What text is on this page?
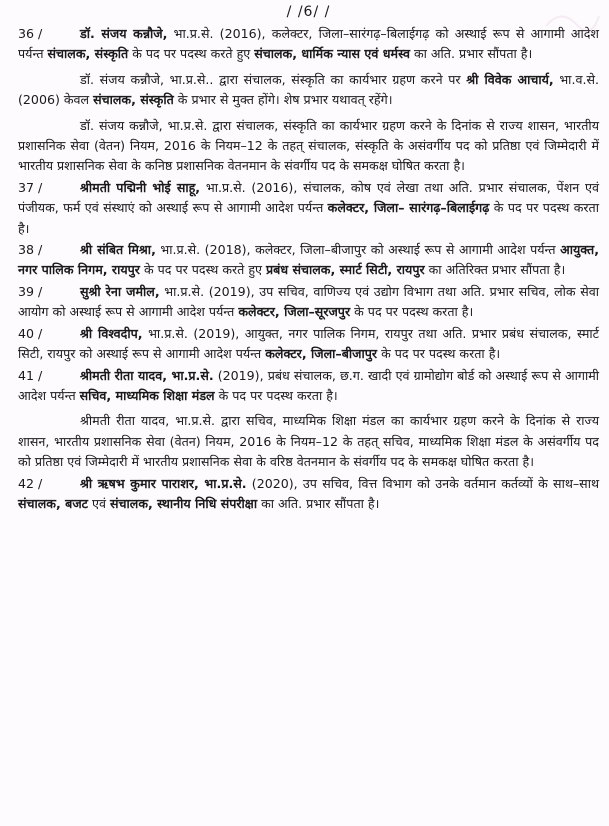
/ /6/ /

36 /	डॉ. संजय कन्नौजे, भा.प्र.से. (2016), कलेक्टर, जिला–सारंगढ़–बिलाईगढ़ को अस्थाई रूप से आगामी आदेश पर्यन्त संचालक, संस्कृति के पद पर पदस्थ करते हुए संचालक, धार्मिक न्यास एवं धर्मस्व का अति. प्रभार सौंपता है।

डॉ. संजय कन्नौजे, भा.प्र.से.. द्वारा संचालक, संस्कृति का कार्यभार ग्रहण करने पर श्री विवेक आचार्य, भा.व.से. (2006) केवल संचालक, संस्कृति के प्रभार से मुक्त होंगे। शेष प्रभार यथावत् रहेंगे।

डॉ. संजय कन्नौजे, भा.प्र.से. द्वारा संचालक, संस्कृति का कार्यभार ग्रहण करने के दिनांक से राज्य शासन, भारतीय प्रशासनिक सेवा (वेतन) नियम, 2016 के नियम–12 के तहत् संचालक, संस्कृति के असंवर्गीय पद को प्रतिष्ठा एवं जिम्मेदारी में भारतीय प्रशासनिक सेवा के कनिष्ठ प्रशासनिक वेतनमान के संवर्गीय पद के समकक्ष घोषित करता है।

37 /	श्रीमती पद्मिनी भोई साहू, भा.प्र.से. (2016), संचालक, कोष एवं लेखा तथा अति. प्रभार संचालक, पेंशन एवं पंजीयक, फर्म एवं संस्थाएं को अस्थाई रूप से आगामी आदेश पर्यन्त कलेक्टर, जिला– सारंगढ़–बिलाईगढ़ के पद पर पदस्थ करता है।

38 /	श्री संबित मिश्रा, भा.प्र.से. (2018), कलेक्टर, जिला–बीजापुर को अस्थाई रूप से आगामी आदेश पर्यन्त आयुक्त, नगर पालिक निगम, रायपुर के पद पर पदस्थ करते हुए प्रबंध संचालक, स्मार्ट सिटी, रायपुर का अतिरिक्त प्रभार सौंपता है।

39 /	सुश्री रेना जमील, भा.प्र.से. (2019), उप सचिव, वाणिज्य एवं उद्योग विभाग तथा अति. प्रभार सचिव, लोक सेवा आयोग को अस्थाई रूप से आगामी आदेश पर्यन्त कलेक्टर, जिला–सूरजपुर के पद पर पदस्थ करता है।

40 /	श्री विश्वदीप, भा.प्र.से. (2019), आयुक्त, नगर पालिक निगम, रायपुर तथा अति. प्रभार प्रबंध संचालक, स्मार्ट सिटी, रायपुर को अस्थाई रूप से आगामी आदेश पर्यन्त कलेक्टर, जिला–बीजापुर के पद पर पदस्थ करता है।

41 /	श्रीमती रीता यादव, भा.प्र.से. (2019), प्रबंध संचालक, छ.ग. खादी एवं ग्रामोद्योग बोर्ड को अस्थाई रूप से आगामी आदेश पर्यन्त सचिव, माध्यमिक शिक्षा मंडल के पद पर पदस्थ करता है।

श्रीमती रीता यादव, भा.प्र.से. द्वारा सचिव, माध्यमिक शिक्षा मंडल का कार्यभार ग्रहण करने के दिनांक से राज्य शासन, भारतीय प्रशासनिक सेवा (वेतन) नियम, 2016 के नियम–12 के तहत् सचिव, माध्यमिक शिक्षा मंडल के असंवर्गीय पद को प्रतिष्ठा एवं जिम्मेदारी में भारतीय प्रशासनिक सेवा के वरिष्ठ वेतनमान के संवर्गीय पद के समकक्ष घोषित करता है।

42 /	श्री ऋषभ कुमार पाराशर, भा.प्र.से. (2020), उप सचिव, वित्त विभाग को उनके वर्तमान कर्तव्यों के साथ–साथ संचालक, बजट एवं संचालक, स्थानीय निधि संपरीक्षा का अति. प्रभार सौंपता है।
